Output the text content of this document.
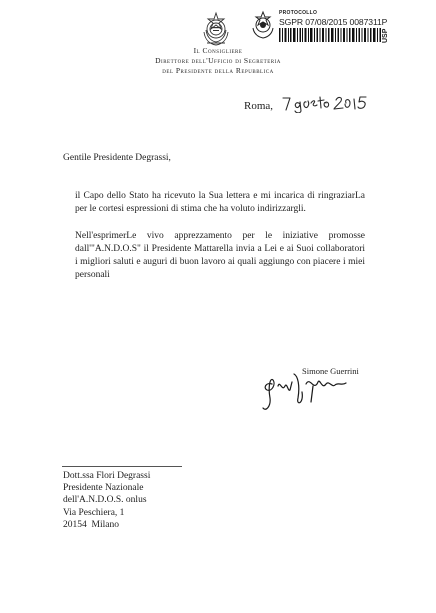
PROTOCOLLO
SGPR 07/08/2015 0087311P
USP
Il Consigliere
Direttore dell'Ufficio di Segreteria
del Presidente della Repubblica
Roma,
Gentile Presidente Degrassi,
il Capo dello Stato ha ricevuto la Sua lettera e mi incarica di ringraziarLa per le cortesi espressioni di stima che ha voluto indirizzargli.
Nell'esprimerLe vivo apprezzamento per le iniziative promosse dall'"A.N.D.O.S" il Presidente Mattarella invia a Lei e ai Suoi collaboratori i migliori saluti e auguri di buon lavoro ai quali aggiungo con piacere i miei personali
Simone Guerrini
Dott.ssa Flori Degrassi
Presidente Nazionale
dell'A.N.D.O.S. onlus
Via Peschiera, 1
20154  Milano
